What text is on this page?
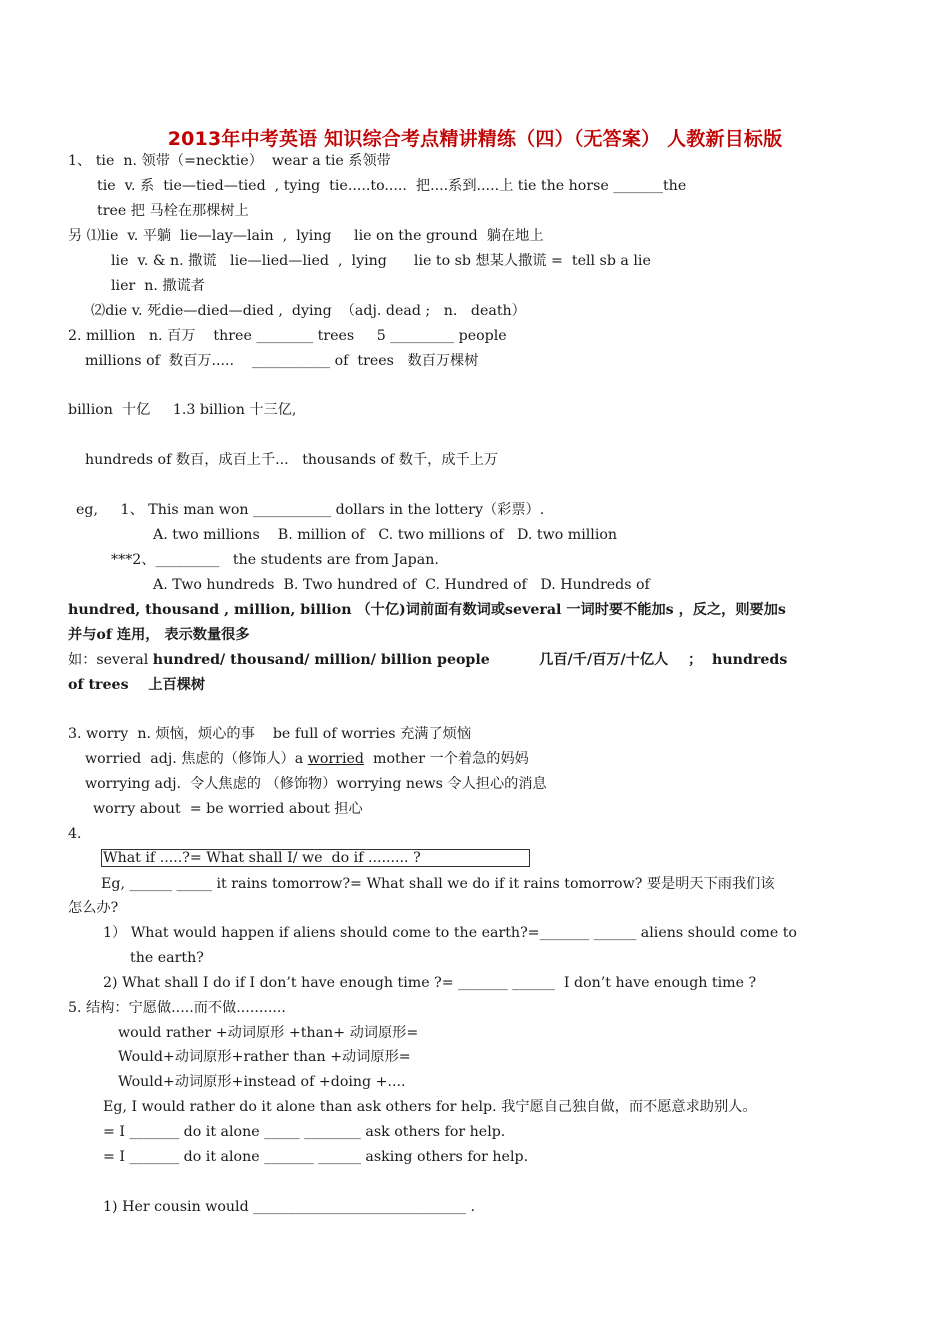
2013年中考英语 知识综合考点精讲精练（四）（无答案） 人教新目标版
1、 tie  n. 领带（=necktie）  wear a tie 系领带
tie  v. 系  tie—tied—tied  , tying  tie.....to.....  把....系到.....上 tie the horse _______the
tree 把 马栓在那棵树上
另 ⑴lie  v. 平躺  lie—lay—lain  ,  lying     lie on the ground  躺在地上
lie  v. & n. 撒谎   lie—lied—lied  ,  lying      lie to sb 想某人撒谎 =  tell sb a lie
lier  n. 撒谎者
⑵die v. 死die—died—died ,  dying  （adj. dead ;   n.   death）
2. million   n. 百万    three ________ trees     5 _________ people
millions of  数百万.....    ___________ of  trees   数百万棵树
billion  十亿     1.3 billion 十三亿,
hundreds of 数百，成百上千...   thousands of 数千，成千上万
eg,     1、 This man won ___________ dollars in the lottery（彩票）.
A. two millions    B. million of   C. two millions of   D. two million
***2、_________   the students are from Japan.
A. Two hundreds  B. Two hundred of  C. Hundred of   D. Hundreds of
hundred, thousand , million, billion （十亿)词前面有数词或several 一词时要不能加s ，反之，则要加s
并与of 连用， 表示数量很多
如：several hundred/ thousand/ million/ billion people          几百/千/百万/十亿人    ；  hundreds
of trees    上百棵树
3. worry  n. 烦恼，烦心的事    be full of worries 充满了烦恼
worried  adj. 焦虑的（修饰人）a worried  mother 一个着急的妈妈
worrying adj.  令人焦虑的 （修饰物）worrying news 令人担心的消息
worry about  = be worried about 担心
4.
What if .....?= What shall I/ we  do if ......... ?
Eg, ______ _____ it rains tomorrow?= What shall we do if it rains tomorrow? 要是明天下雨我们该
怎么办?
1） What would happen if aliens should come to the earth?=_______ ______ aliens should come to
the earth?
2) What shall I do if I don’t have enough time ?= _______ ______  I don’t have enough time ?
5. 结构：宁愿做.....而不做...........
would rather +动词原形 +than+ 动词原形=
Would+动词原形+rather than +动词原形=
Would+动词原形+instead of +doing +....
Eg, I would rather do it alone than ask others for help. 我宁愿自己独自做，而不愿意求助别人。
= I _______ do it alone _____ ________ ask others for help.
= I _______ do it alone _______ ______ asking others for help.
1) Her cousin would ______________________________ .
